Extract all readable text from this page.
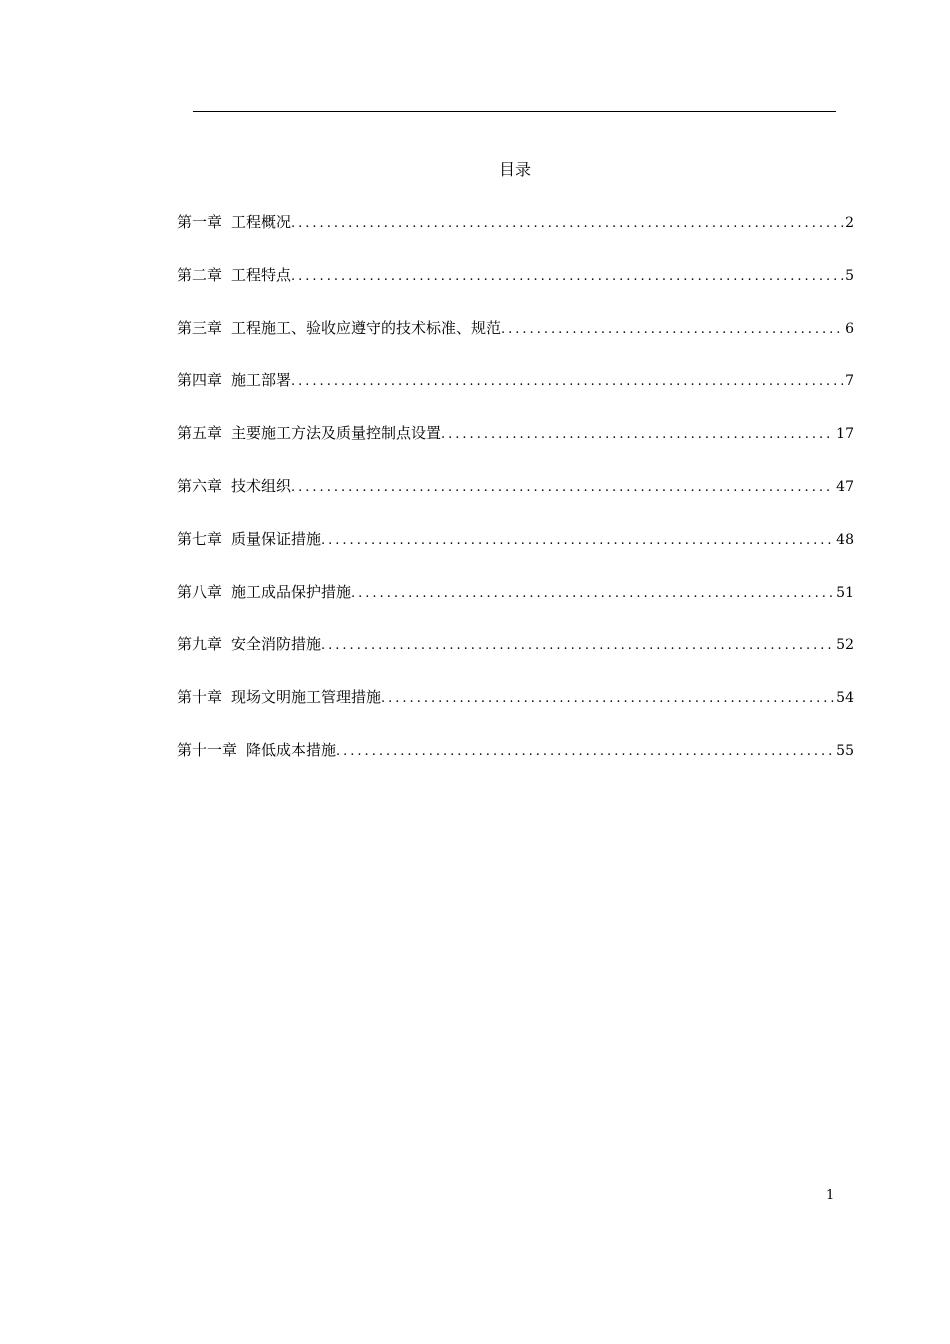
目录
第一章 工程概况 .....	2
第二章 工程特点 .....	5
第三章 工程施工、验收应遵守的技术标准、规范 .....	6
第四章 施工部署 .....	7
第五章 主要施工方法及质量控制点设置 .....	17
第六章 技术组织 .....	47
第七章 质量保证措施 .....	48
第八章 施工成品保护措施 .....	51
第九章 安全消防措施 .....	52
第十章 现场文明施工管理措施 .....	54
第十一章 降低成本措施 .....	55
1
